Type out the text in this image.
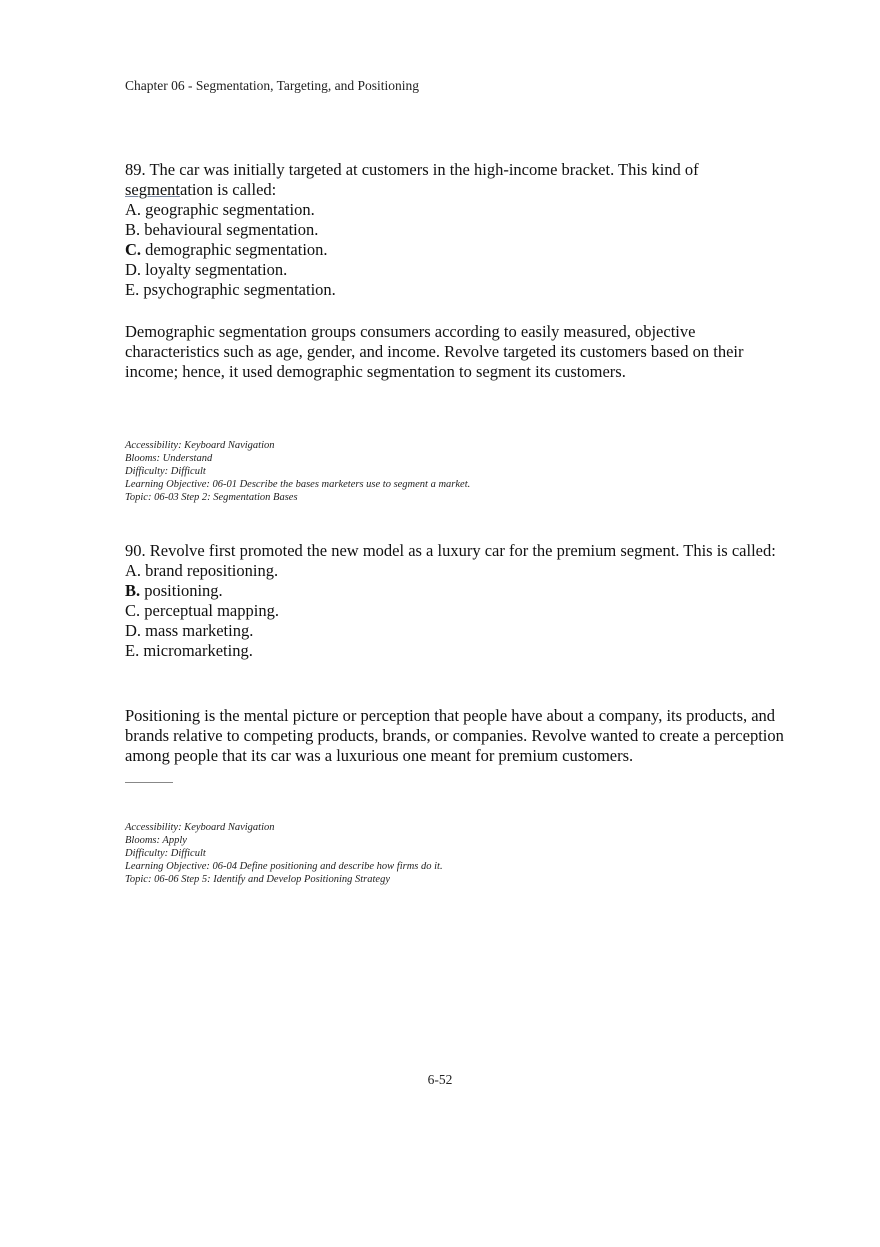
Chapter 06 - Segmentation, Targeting, and Positioning
89. The car was initially targeted at customers in the high-income bracket. This kind of
segmentation is called:
A. geographic segmentation.
B. behavioural segmentation.
C. demographic segmentation.
D. loyalty segmentation.
E. psychographic segmentation.
Demographic segmentation groups consumers according to easily measured, objective characteristics such as age, gender, and income. Revolve targeted its customers based on their income; hence, it used demographic segmentation to segment its customers.
Accessibility: Keyboard Navigation
Blooms: Understand
Difficulty: Difficult
Learning Objective: 06-01 Describe the bases marketers use to segment a market.
Topic: 06-03 Step 2: Segmentation Bases
90. Revolve first promoted the new model as a luxury car for the premium segment. This is called:
A. brand repositioning.
B. positioning.
C. perceptual mapping.
D. mass marketing.
E. micromarketing.
Positioning is the mental picture or perception that people have about a company, its products, and brands relative to competing products, brands, or companies. Revolve wanted to create a perception among people that its car was a luxurious one meant for premium customers.
Accessibility: Keyboard Navigation
Blooms: Apply
Difficulty: Difficult
Learning Objective: 06-04 Define positioning and describe how firms do it.
Topic: 06-06 Step 5: Identify and Develop Positioning Strategy
6-52
